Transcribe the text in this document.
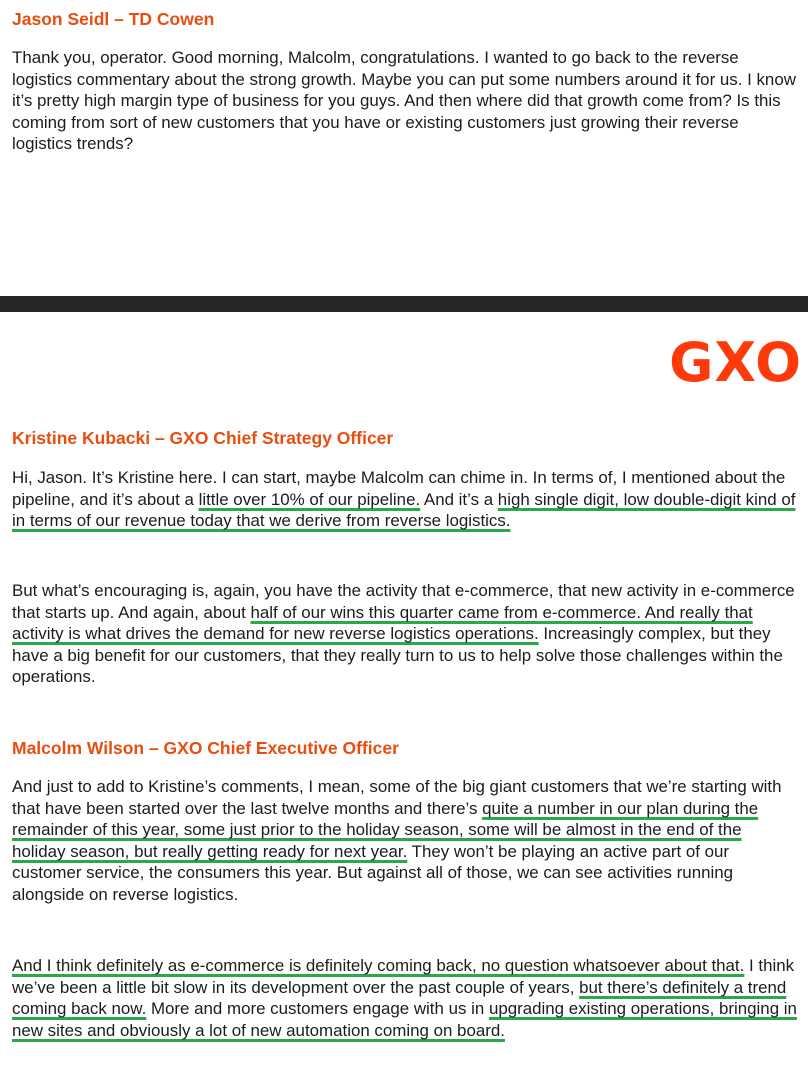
Jason Seidl – TD Cowen

Thank you, operator. Good morning, Malcolm, congratulations. I wanted to go back to the reverse logistics commentary about the strong growth. Maybe you can put some numbers around it for us. I know it’s pretty high margin type of business for you guys. And then where did that growth come from? Is this coming from sort of new customers that you have or existing customers just growing their reverse logistics trends?

GXO
Kristine Kubacki – GXO Chief Strategy Officer

Hi, Jason. It’s Kristine here. I can start, maybe Malcolm can chime in. In terms of, I mentioned about the pipeline, and it’s about a little over 10% of our pipeline. And it’s a high single digit, low double-digit kind of in terms of our revenue today that we derive from reverse logistics.

But what’s encouraging is, again, you have the activity that e-commerce, that new activity in e-commerce that starts up. And again, about half of our wins this quarter came from e-commerce. And really that activity is what drives the demand for new reverse logistics operations. Increasingly complex, but they have a big benefit for our customers, that they really turn to us to help solve those challenges within the operations.

Malcolm Wilson – GXO Chief Executive Officer

And just to add to Kristine’s comments, I mean, some of the big giant customers that we’re starting with that have been started over the last twelve months and there’s quite a number in our plan during the remainder of this year, some just prior to the holiday season, some will be almost in the end of the holiday season, but really getting ready for next year. They won’t be playing an active part of our customer service, the consumers this year. But against all of those, we can see activities running alongside on reverse logistics.

And I think definitely as e-commerce is definitely coming back, no question whatsoever about that. I think we’ve been a little bit slow in its development over the past couple of years, but there’s definitely a trend coming back now. More and more customers engage with us in upgrading existing operations, bringing in new sites and obviously a lot of new automation coming on board.
